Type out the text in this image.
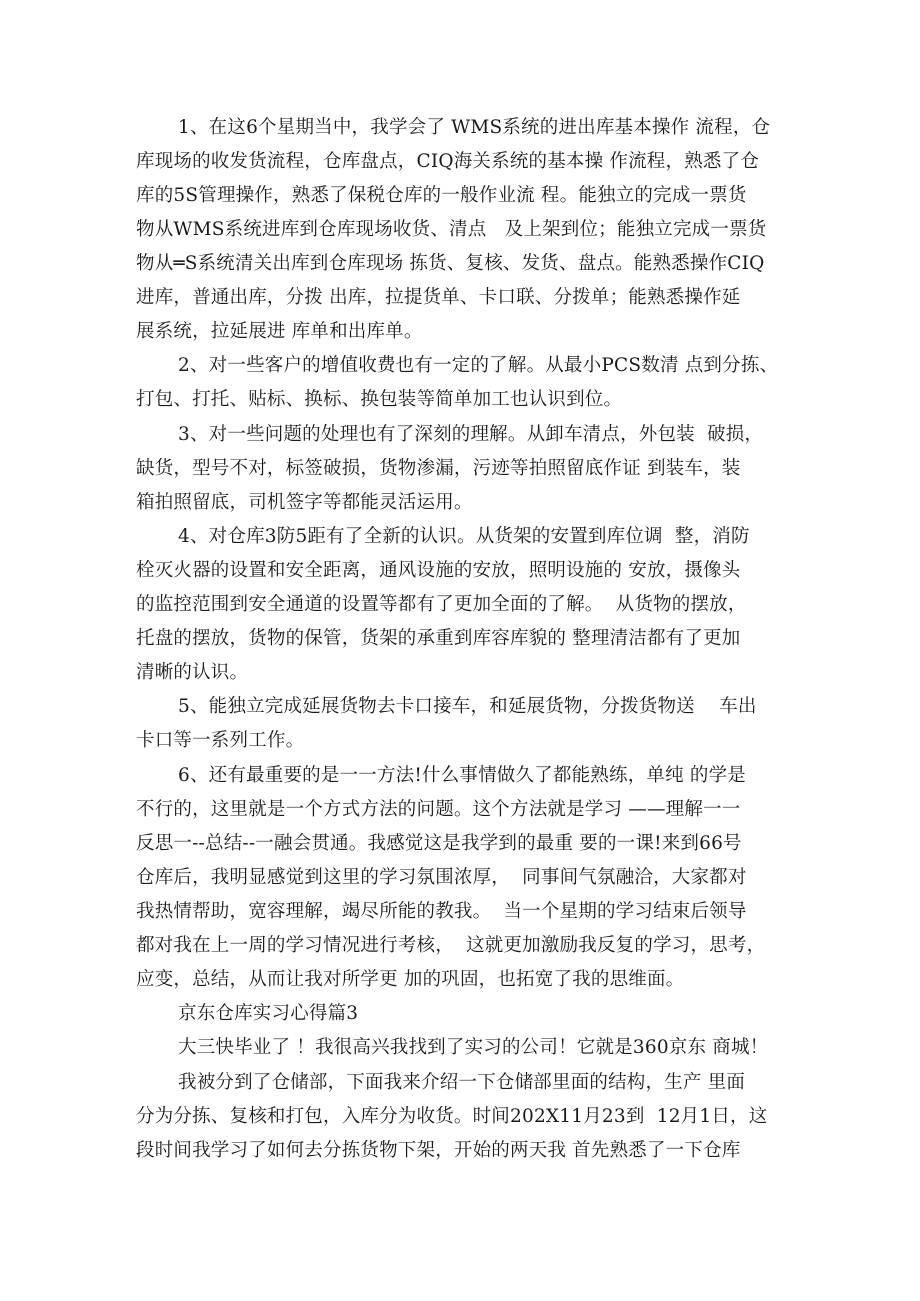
1、在这6个星期当中，我学会了 WMS系统的进出库基本操作 流程，仓
库现场的收发货流程，仓库盘点，CIQ海关系统的基本操 作流程，熟悉了仓
库的5S管理操作，熟悉了保税仓库的一般作业流 程。能独立的完成一票货
物从WMS系统进库到仓库现场收货、清点   及上架到位；能独立完成一票货
物从═S系统清关出库到仓库现场 拣货、复核、发货、盘点。能熟悉操作CIQ
进库，普通出库，分拨 出库，拉提货单、卡口联、分拨单；能熟悉操作延
展系统，拉延展进 库单和出库单。
2、对一些客户的增值收费也有一定的了解。从最小PCS数清 点到分拣、
打包、打托、贴标、换标、换包装等简单加工也认识到位。
3、对一些问题的处理也有了深刻的理解。从卸车清点，外包装  破损，
缺货，型号不对，标签破损，货物渗漏，污迹等拍照留底作证 到装车，装
箱拍照留底，司机签字等都能灵活运用。
4、对仓库3防5距有了全新的认识。从货架的安置到库位调  整，消防
栓灭火器的设置和安全距离，通风设施的安放，照明设施的 安放，摄像头
的监控范围到安全通道的设置等都有了更加全面的了解。  从货物的摆放，
托盘的摆放，货物的保管，货架的承重到库容库貌的 整理清洁都有了更加
清晰的认识。
5、能独立完成延展货物去卡口接车，和延展货物，分拨货物送    车出
卡口等一系列工作。
6、还有最重要的是一一方法!什么事情做久了都能熟练，单纯 的学是
不行的，这里就是一个方式方法的问题。这个方法就是学习 ——理解一一
反思一--总结--一融会贯通。我感觉这是我学到的最重 要的一课!来到66号
仓库后，我明显感觉到这里的学习氛围浓厚，  同事间气氛融洽，大家都对
我热情帮助，宽容理解，竭尽所能的教我。  当一个星期的学习结束后领导
都对我在上一周的学习情况进行考核，  这就更加激励我反复的学习，思考，
应变，总结，从而让我对所学更 加的巩固，也拓宽了我的思维面。
京东仓库实习心得篇3
大三快毕业了 ！我很高兴我找到了实习的公司！它就是360京东 商城！
我被分到了仓储部，下面我来介绍一下仓储部里面的结构，生产 里面
分为分拣、复核和打包，入库分为收货。时间202X11月23到  12月1日，这
段时间我学习了如何去分拣货物下架，开始的两天我 首先熟悉了一下仓库
